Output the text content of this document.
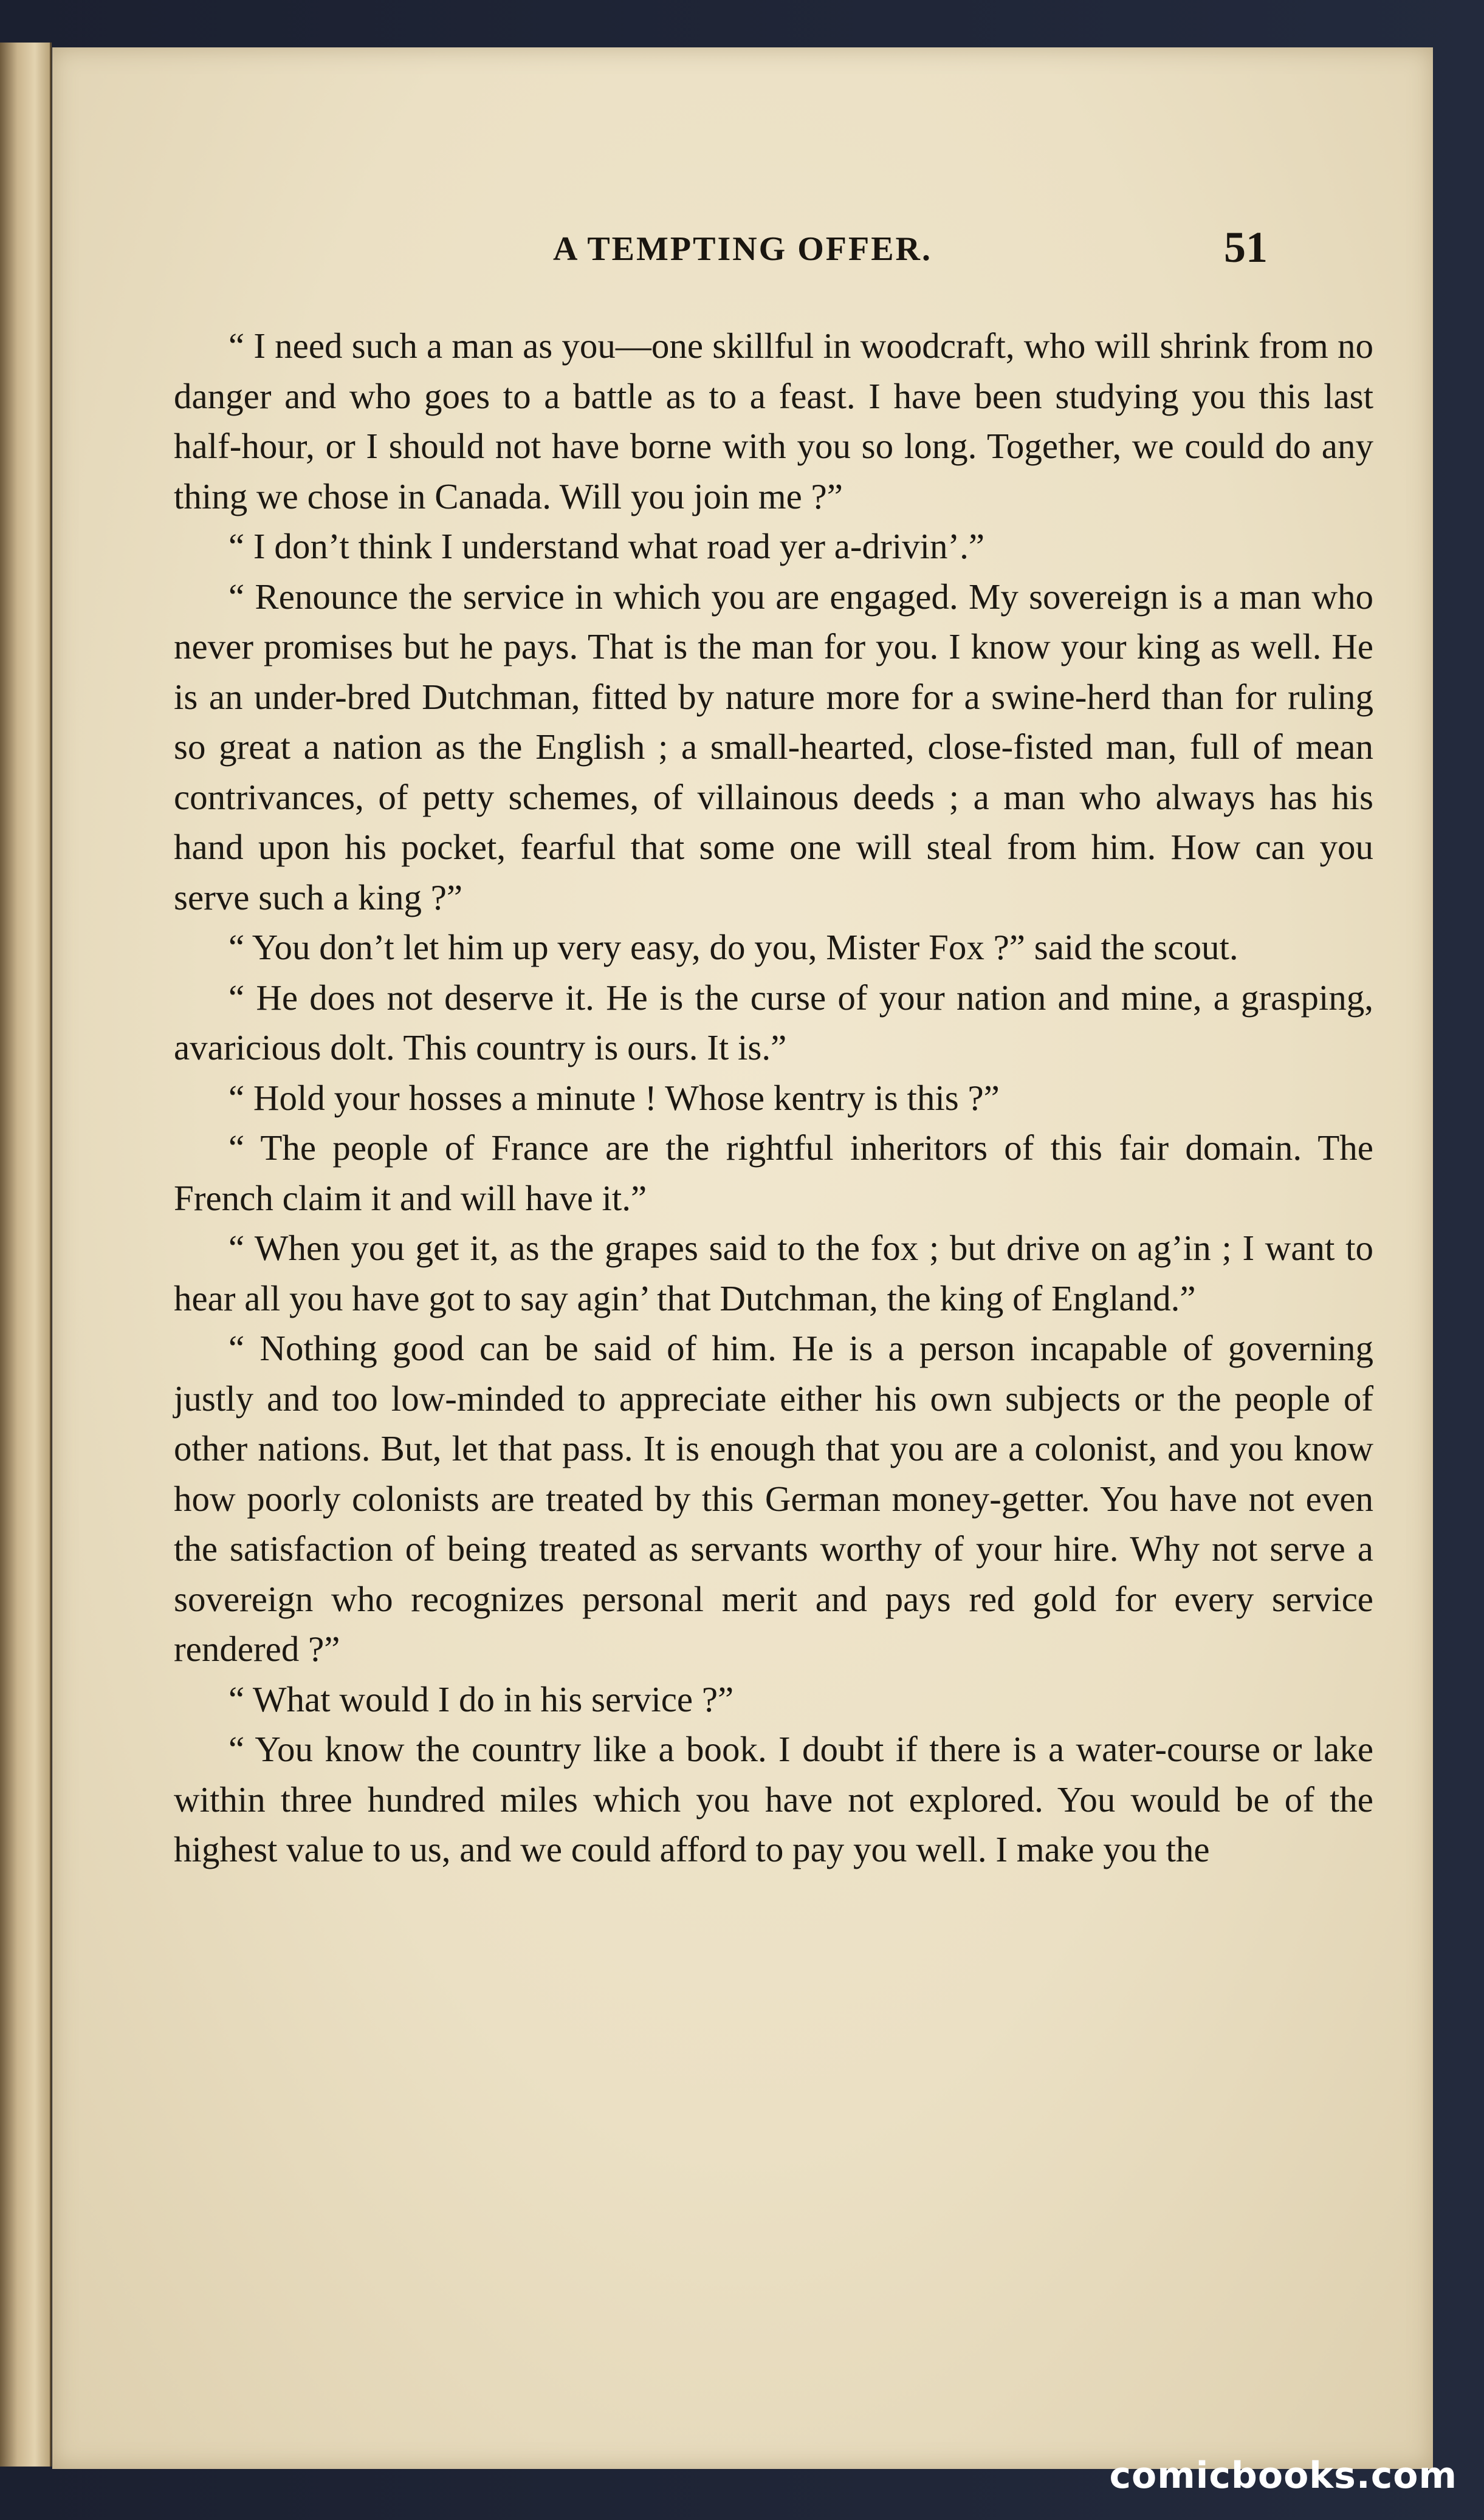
A TEMPTING OFFER.	51

“ I need such a man as you—one skillful in woodcraft, who will shrink from no danger and who goes to a battle as to a feast. I have been studying you this last half-hour, or I should not have borne with you so long. Together, we could do any thing we chose in Canada. Will you join me ?”

“ I don’t think I understand what road yer a-drivin’.”

“ Renounce the service in which you are engaged. My sovereign is a man who never promises but he pays. That is the man for you. I know your king as well. He is an under-bred Dutchman, fitted by nature more for a swine-herd than for ruling so great a nation as the English ; a small-hearted, close-fisted man, full of mean contrivances, of petty schemes, of villainous deeds ; a man who always has his hand upon his pocket, fearful that some one will steal from him. How can you serve such a king ?”

“ You don’t let him up very easy, do you, Mister Fox ?” said the scout.

“ He does not deserve it. He is the curse of your nation and mine, a grasping, avaricious dolt. This country is ours. It is.”

“ Hold your hosses a minute ! Whose kentry is this ?”

“ The people of France are the rightful inheritors of this fair domain. The French claim it and will have it.”

“ When you get it, as the grapes said to the fox ; but drive on ag’in ; I want to hear all you have got to say agin’ that Dutchman, the king of England.”

“ Nothing good can be said of him. He is a person incapable of governing justly and too low-minded to appreciate either his own subjects or the people of other nations. But, let that pass. It is enough that you are a colonist, and you know how poorly colonists are treated by this German money-getter. You have not even the satisfaction of being treated as servants worthy of your hire. Why not serve a sovereign who recognizes personal merit and pays red gold for every service rendered ?”

“ What would I do in his service ?”

“ You know the country like a book. I doubt if there is a water-course or lake within three hundred miles which you have not explored. You would be of the highest value to us, and we could afford to pay you well. I make you the

comicbooks.com
